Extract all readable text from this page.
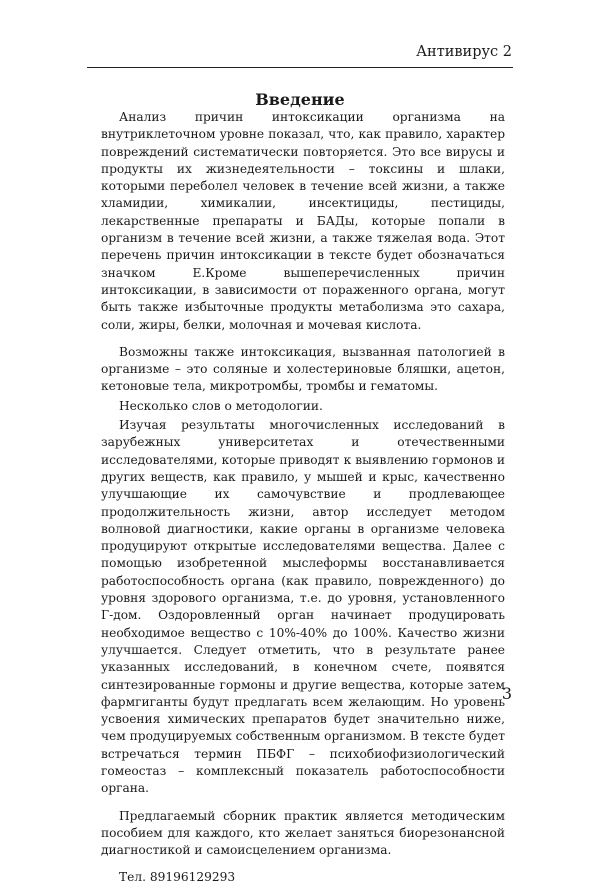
Антивирус 2
Введение

Анализ причин интоксикации организма на внутриклеточном уровне показал, что, как правило, характер повреждений систематически повторяется. Это все вирусы и продукты их жизнедеятельности – токсины и шлаки, которыми переболел человек в течение всей жизни, а также хламидии, химикалии, инсектициды, пестициды, лекарственные препараты и БАДы, которые попали в организм в течение всей жизни, а также тяжелая вода. Этот перечень причин интоксикации в тексте будет обозначаться значком Е.Кроме вышеперечисленных причин интоксикации, в зависимости от пораженного органа, могут быть также избыточные продукты метаболизма это сахара, соли, жиры, белки, молочная и мочевая кислота.

Возможны также интоксикация, вызванная патологией в организме – это соляные и холестериновые бляшки, ацетон, кетоновые тела, микротромбы, тромбы и гематомы.

Несколько слов о методологии.

Изучая результаты многочисленных исследований в зарубежных университетах и отечественными исследователями, которые приводят к выявлению гормонов и других веществ, как правило, у мышей и крыс, качественно улучшающие их самочувствие и продлевающее продолжительность жизни, автор исследует методом волновой диагностики, какие органы в организме человека продуцируют открытые исследователями вещества. Далее с помощью изобретенной мыслеформы восстанавливается работоспособность органа (как правило, поврежденного) до уровня здорового организма, т.е. до уровня, установленного Г-дом. Оздоровленный орган начинает продуцировать необходимое вещество с 10%-40% до 100%. Качество жизни улучшается. Следует отметить, что в результате ранее указанных исследований, в конечном счете, появятся синтезированные гормоны и другие вещества, которые затем фармгиганты будут предлагать всем желающим. Но уровень усвоения химических препаратов будет значительно ниже, чем продуцируемых собственным организмом. В тексте будет встречаться термин ПБФГ – психобиофизиологический гомеостаз – комплексный показатель работоспособности органа.

Предлагаемый сборник практик является методическим пособием для каждого, кто желает заняться биорезонансной диагностикой и самоисцелением организма.

Тел. 89196129293

3
